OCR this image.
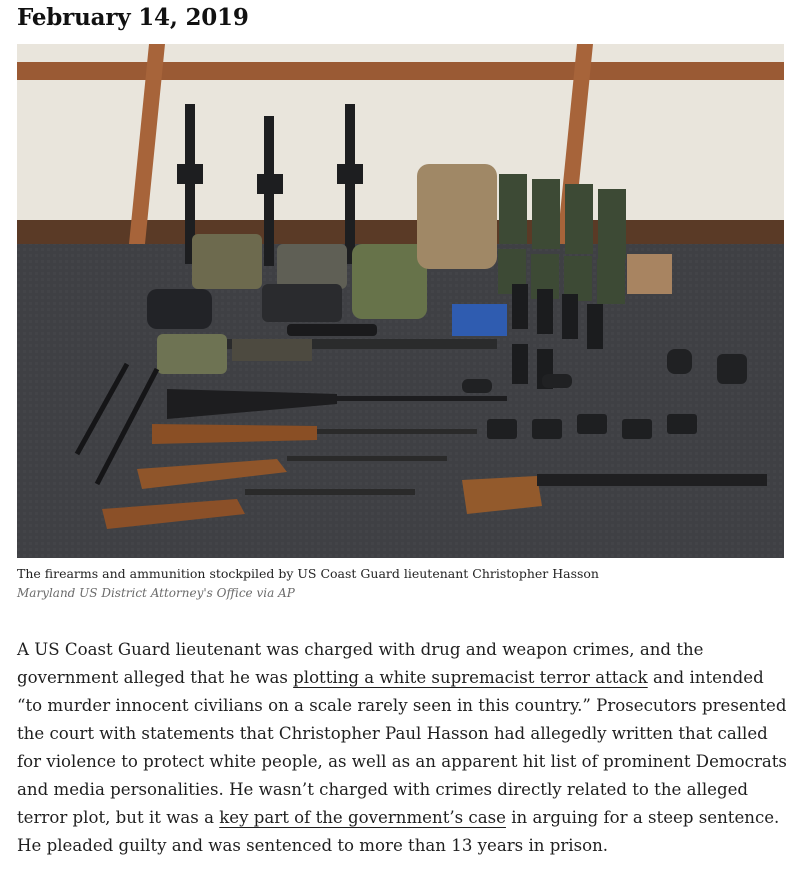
February 14, 2019
The firearms and ammunition stockpiled by US Coast Guard lieutenant Christopher Hasson
Maryland US District Attorney's Office via AP

A US Coast Guard lieutenant was charged with drug and weapon crimes, and the government alleged that he was plotting a white supremacist terror attack and intended “to murder innocent civilians on a scale rarely seen in this country.” Prosecutors presented the court with statements that Christopher Paul Hasson had allegedly written that called for violence to protect white people, as well as an apparent hit list of prominent Democrats and media personalities. He wasn’t charged with crimes directly related to the alleged terror plot, but it was a key part of the government’s case in arguing for a steep sentence. He pleaded guilty and was sentenced to more than 13 years in prison.
